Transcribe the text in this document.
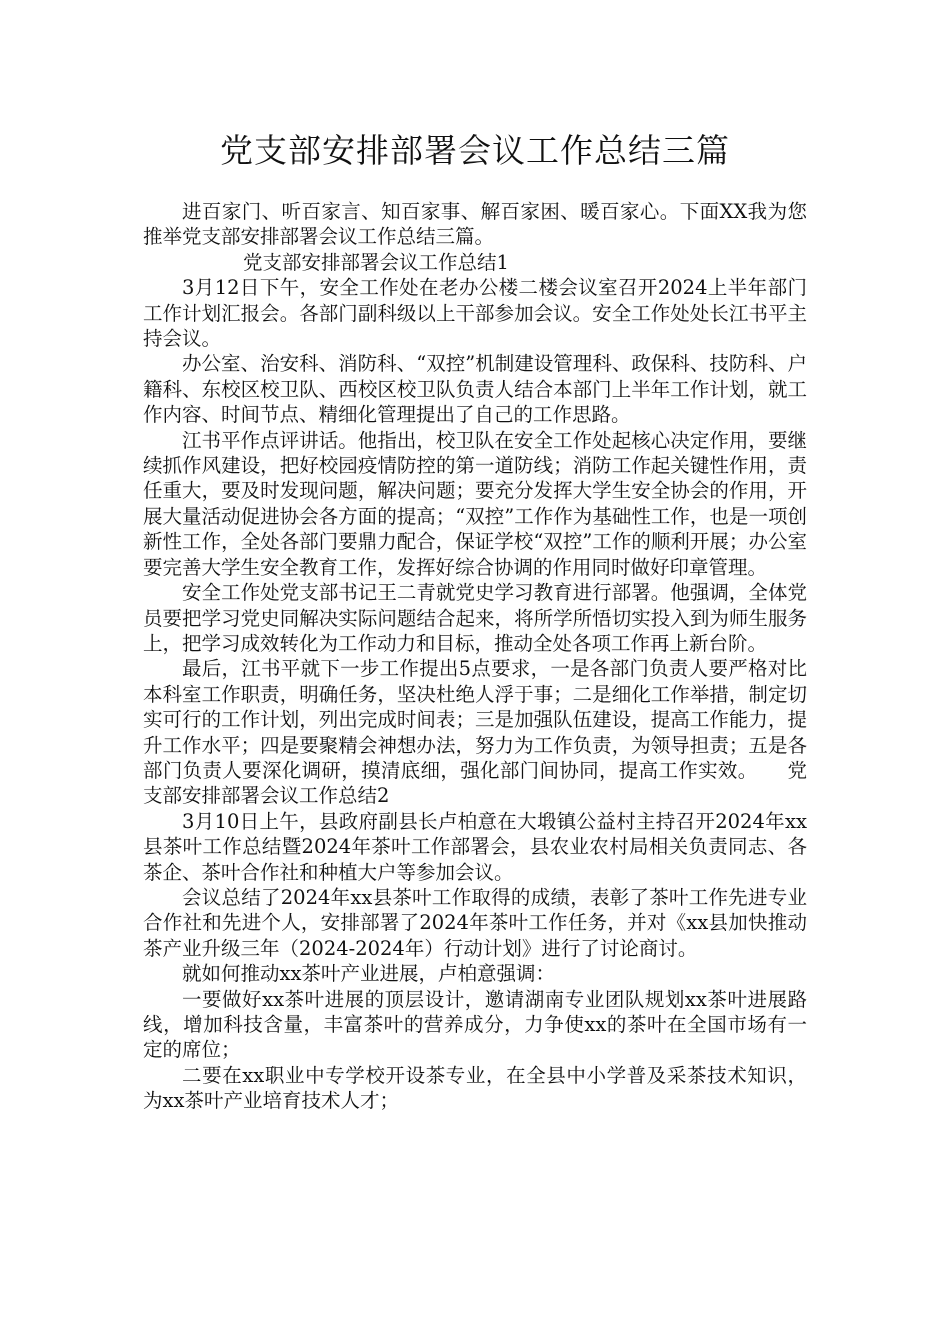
党支部安排部署会议工作总结三篇

进百家门、听百家言、知百家事、解百家困、暖百家心。下面XX我为您推举党支部安排部署会议工作总结三篇。

党支部安排部署会议工作总结1

3月12日下午，安全工作处在老办公楼二楼会议室召开2024上半年部门工作计划汇报会。各部门副科级以上干部参加会议。安全工作处处长江书平主持会议。

办公室、治安科、消防科、“双控”机制建设管理科、政保科、技防科、户籍科、东校区校卫队、西校区校卫队负责人结合本部门上半年工作计划，就工作内容、时间节点、精细化管理提出了自己的工作思路。

江书平作点评讲话。他指出，校卫队在安全工作处起核心决定作用，要继续抓作风建设，把好校园疫情防控的第一道防线；消防工作起关键性作用，责任重大，要及时发现问题，解决问题；要充分发挥大学生安全协会的作用，开展大量活动促进协会各方面的提高；“双控”工作作为基础性工作，也是一项创新性工作，全处各部门要鼎力配合，保证学校“双控”工作的顺利开展；办公室要完善大学生安全教育工作，发挥好综合协调的作用同时做好印章管理。

安全工作处党支部书记王二青就党史学习教育进行部署。他强调，全体党员要把学习党史同解决实际问题结合起来，将所学所悟切实投入到为师生服务上，把学习成效转化为工作动力和目标，推动全处各项工作再上新台阶。

最后，江书平就下一步工作提出5点要求，一是各部门负责人要严格对比本科室工作职责，明确任务，坚决杜绝人浮于事；二是细化工作举措，制定切实可行的工作计划，列出完成时间表；三是加强队伍建设，提高工作能力，提升工作水平；四是要聚精会神想办法，努力为工作负责，为领导担责；五是各部门负责人要深化调研，摸清底细，强化部门间协同，提高工作实效。　　党支部安排部署会议工作总结2

3月10日上午，县政府副县长卢柏意在大塅镇公益村主持召开2024年xx县茶叶工作总结暨2024年茶叶工作部署会，县农业农村局相关负责同志、各茶企、茶叶合作社和种植大户等参加会议。

会议总结了2024年xx县茶叶工作取得的成绩，表彰了茶叶工作先进专业合作社和先进个人，安排部署了2024年茶叶工作任务，并对《xx县加快推动茶产业升级三年（2024-2024年）行动计划》进行了讨论商讨。

就如何推动xx茶叶产业进展，卢柏意强调：

一要做好xx茶叶进展的顶层设计，邀请湖南专业团队规划xx茶叶进展路线，增加科技含量，丰富茶叶的营养成分，力争使xx的茶叶在全国市场有一定的席位；

二要在xx职业中专学校开设茶专业，在全县中小学普及采茶技术知识，为xx茶叶产业培育技术人才；
